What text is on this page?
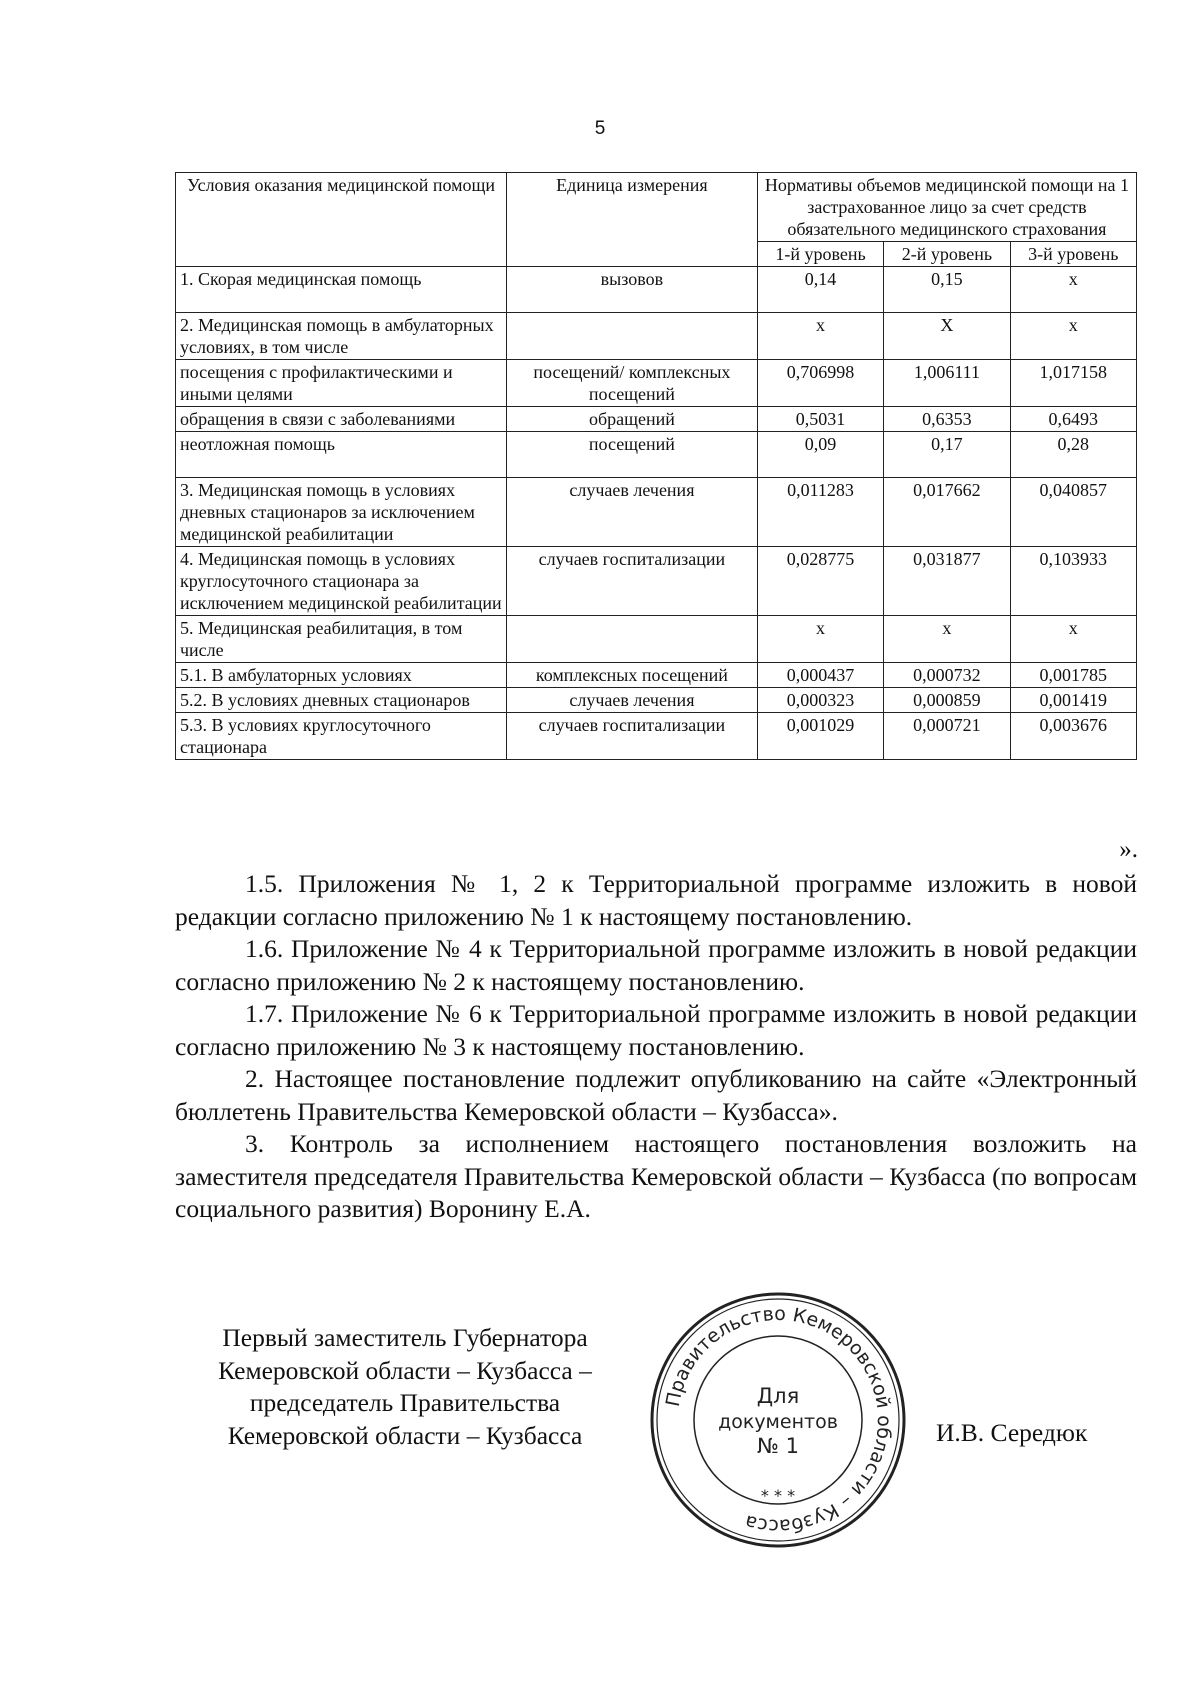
5
Условия оказания медицинской помощи	Единица измерения	Нормативы объемов медицинской помощи на 1 застрахованное лицо за счет средств обязательного медицинского страхования		
		1-й уровень	2-й уровень	3-й уровень
1. Скорая медицинская помощь	вызовов	0,14	0,15	х
2. Медицинская помощь в амбулаторных условиях, в том числе		х	Х	х
посещения с профилактическими и иными целями	посещений/ комплексных посещений	0,706998	1,006111	1,017158
обращения в связи с заболеваниями	обращений	0,5031	0,6353	0,6493
неотложная помощь	посещений	0,09	0,17	0,28
3. Медицинская помощь в условиях дневных стационаров за исключением медицинской реабилитации	случаев лечения	0,011283	0,017662	0,040857
4. Медицинская помощь в условиях круглосуточного стационара за исключением медицинской реабилитации	случаев госпитализации	0,028775	0,031877	0,103933
5. Медицинская реабилитация, в том числе		х	х	х
5.1. В амбулаторных условиях	комплексных посещений	0,000437	0,000732	0,001785
5.2. В условиях дневных стационаров	случаев лечения	0,000323	0,000859	0,001419
5.3. В условиях круглосуточного стационара	случаев госпитализации	0,001029	0,000721	0,003676
».

1.5. Приложения № 1, 2 к Территориальной программе изложить в новой редакции согласно приложению № 1 к настоящему постановлению.

1.6. Приложение № 4 к Территориальной программе изложить в новой редакции согласно приложению № 2 к настоящему постановлению.

1.7. Приложение № 6 к Территориальной программе изложить в новой редакции согласно приложению № 3 к настоящему постановлению.

2. Настоящее постановление подлежит опубликованию на сайте «Электронный бюллетень Правительства Кемеровской области – Кузбасса».

3. Контроль за исполнением настоящего постановления возложить на заместителя председателя Правительства Кемеровской области – Кузбасса (по вопросам социального развития) Воронину Е.А.

Первый заместитель Губернатора
Кемеровской области – Кузбасса –
председатель Правительства
Кемеровской области – Кузбасса
Правительство Кемеровской области – Кузбасса
* * *
Для
документов
№ 1	И.В. Середюк
